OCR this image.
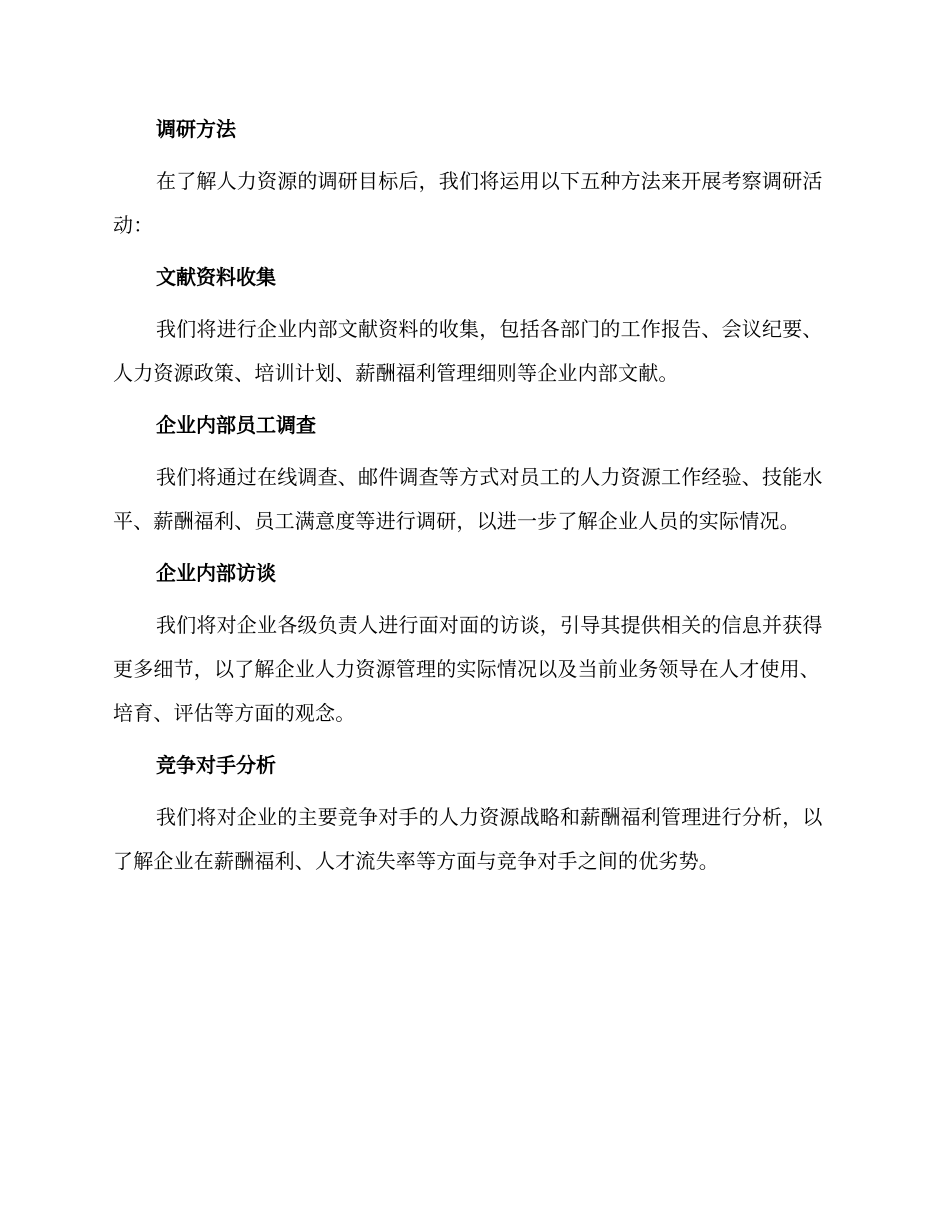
调研方法

在了解人力资源的调研目标后，我们将运用以下五种方法来开展考察调研活动：

文献资料收集

我们将进行企业内部文献资料的收集，包括各部门的工作报告、会议纪要、人力资源政策、培训计划、薪酬福利管理细则等企业内部文献。

企业内部员工调查

我们将通过在线调查、邮件调查等方式对员工的人力资源工作经验、技能水平、薪酬福利、员工满意度等进行调研，以进一步了解企业人员的实际情况。

企业内部访谈

我们将对企业各级负责人进行面对面的访谈，引导其提供相关的信息并获得更多细节，以了解企业人力资源管理的实际情况以及当前业务领导在人才使用、培育、评估等方面的观念。

竞争对手分析

我们将对企业的主要竞争对手的人力资源战略和薪酬福利管理进行分析，以了解企业在薪酬福利、人才流失率等方面与竞争对手之间的优劣势。
